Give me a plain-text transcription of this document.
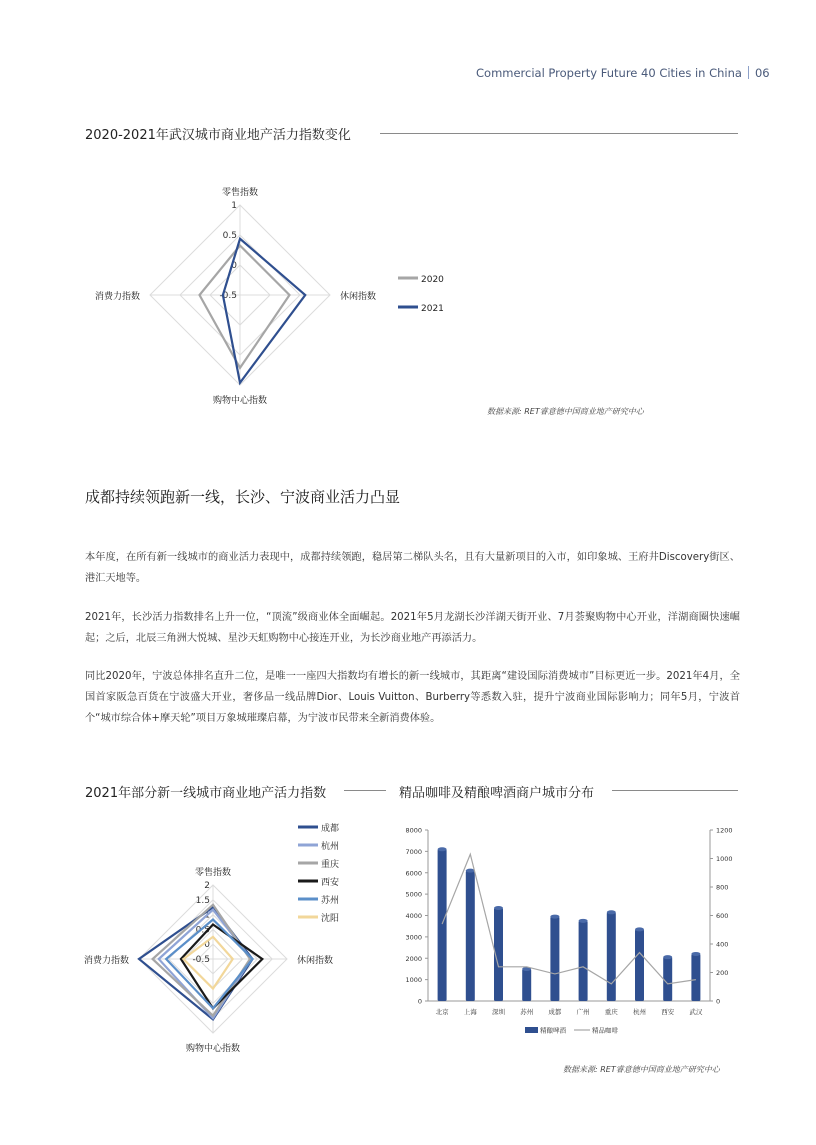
Commercial Property Future 40 Cities in China 06
2020-2021年武汉城市商业地产活力指数变化
1
0.5
0
-0.5
零售指数
休闲指数
购物中心指数
消费力指数
2020
2021
数据来源: RET睿意德中国商业地产研究中心
成都持续领跑新一线，长沙、宁波商业活力凸显
本年度，在所有新一线城市的商业活力表现中，成都持续领跑，稳居第二梯队头名，且有大量新项目的入市，如印象城、王府井Discovery街区、港汇天地等。
2021年，长沙活力指数排名上升一位，“顶流”级商业体全面崛起。2021年5月龙湖长沙洋湖天街开业、7月荟聚购物中心开业，洋湖商圈快速崛起；之后，北辰三角洲大悦城、星沙天虹购物中心接连开业，为长沙商业地产再添活力。
同比2020年，宁波总体排名直升二位，是唯一一座四大指数均有增长的新一线城市，其距离“建设国际消费城市”目标更近一步。2021年4月，全国首家阪急百货在宁波盛大开业，奢侈品一线品牌Dior、Louis Vuitton、Burberry等悉数入驻，提升宁波商业国际影响力；同年5月，宁波首个“城市综合体+摩天轮”项目万象城璀璨启幕，为宁波市民带来全新消费体验。
2021年部分新一线城市商业地产活力指数
2
1.5
1
0.5
0
-0.5
零售指数
休闲指数
购物中心指数
消费力指数
成都
杭州
重庆
西安
苏州
沈阳
精品咖啡及精酿啤酒商户城市分布
0
1000
2000
3000
4000
5000
6000
7000
8000
0
200
400
600
800
1000
1200
北京 上海 深圳 苏州 成都 广州 重庆 杭州 西安 武汉
精酿啤酒	精品咖啡
数据来源: RET睿意德中国商业地产研究中心
